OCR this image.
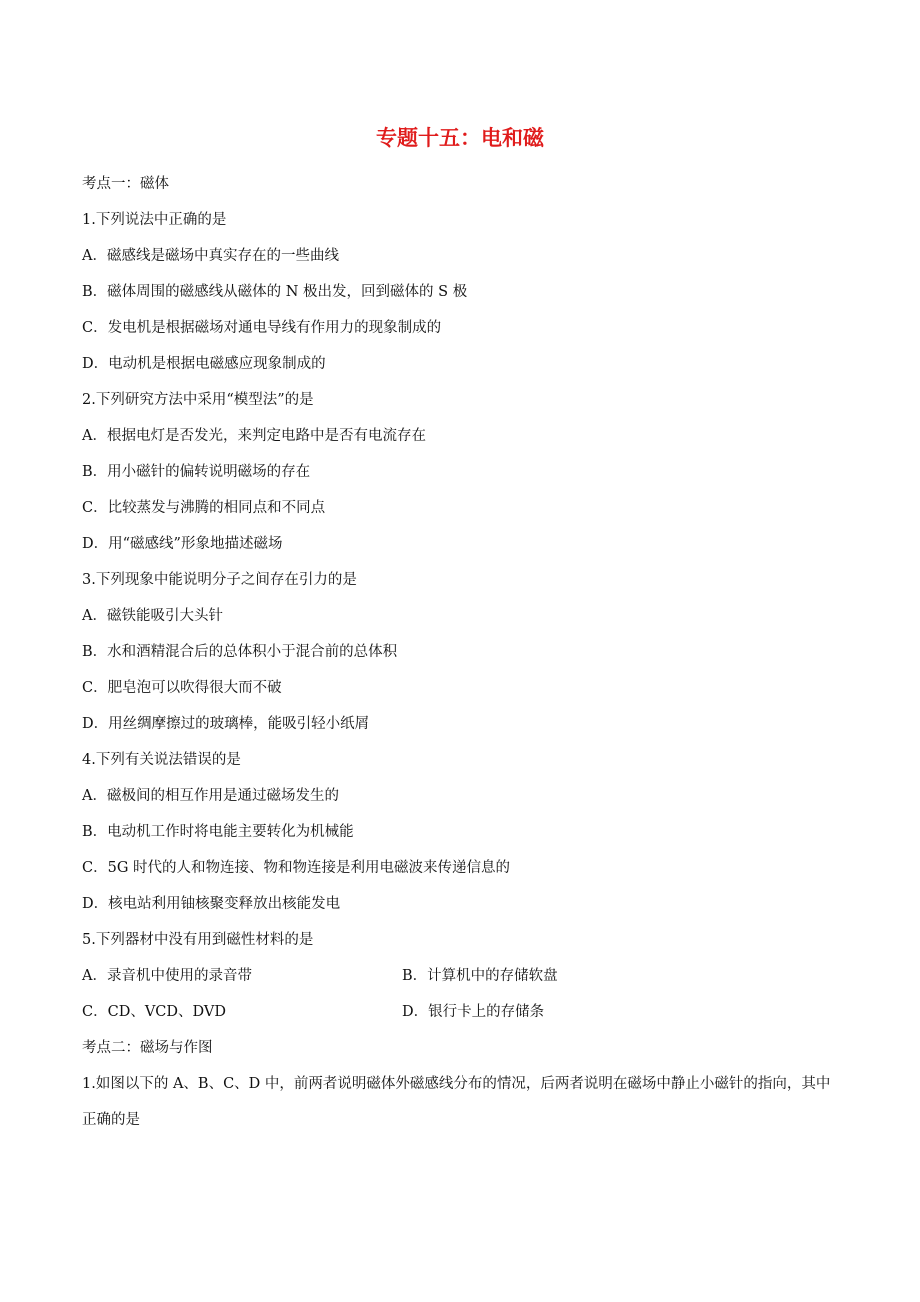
专题十五：电和磁
考点一：磁体
1.下列说法中正确的是
A．磁感线是磁场中真实存在的一些曲线
B．磁体周围的磁感线从磁体的 N 极出发，回到磁体的 S 极
C．发电机是根据磁场对通电导线有作用力的现象制成的
D．电动机是根据电磁感应现象制成的
2.下列研究方法中采用“模型法”的是
A．根据电灯是否发光，来判定电路中是否有电流存在
B．用小磁针的偏转说明磁场的存在
C．比较蒸发与沸腾的相同点和不同点
D．用“磁感线”形象地描述磁场
3.下列现象中能说明分子之间存在引力的是
A．磁铁能吸引大头针
B．水和酒精混合后的总体积小于混合前的总体积
C．肥皂泡可以吹得很大而不破
D．用丝绸摩擦过的玻璃棒，能吸引轻小纸屑
4.下列有关说法错误的是
A．磁极间的相互作用是通过磁场发生的
B．电动机工作时将电能主要转化为机械能
C．5G 时代的人和物连接、物和物连接是利用电磁波来传递信息的
D．核电站利用铀核聚变释放出核能发电
5.下列器材中没有用到磁性材料的是
A．录音机中使用的录音带	B．计算机中的存储软盘
C．CD、VCD、DVD	D．银行卡上的存储条
考点二：磁场与作图
1.如图以下的 A、B、C、D 中，前两者说明磁体外磁感线分布的情况，后两者说明在磁场中静止小磁针的指向，其中正确的是
